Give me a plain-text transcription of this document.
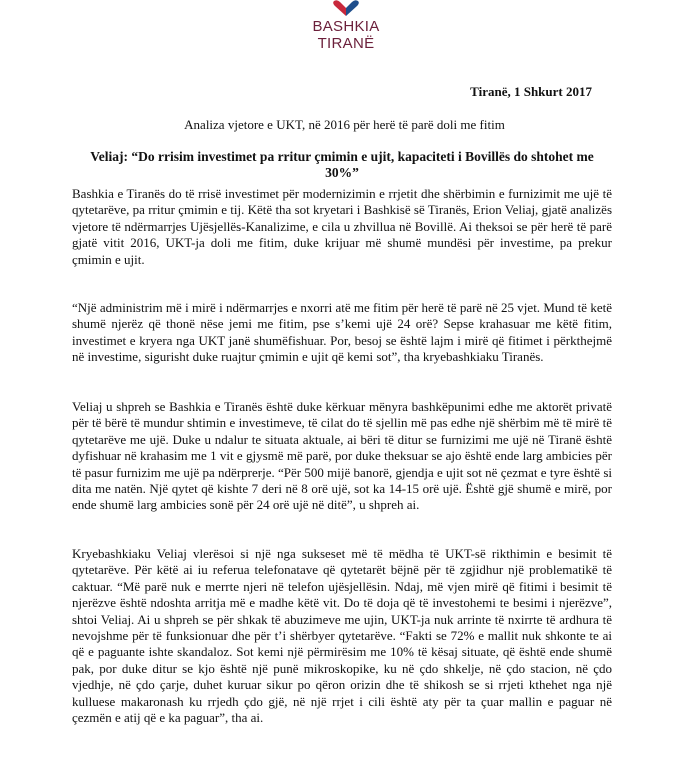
BASHKIA
TIRANË
Tiranë, 1 Shkurt 2017
Analiza vjetore e UKT, në 2016 për herë të parë doli me fitim
Veliaj: “Do rrisim investimet pa rritur çmimin e ujit, kapaciteti i Bovillës do shtohet me 30%”

Bashkia e Tiranës do të rrisë investimet për modernizimin e rrjetit dhe shërbimin e furnizimit me ujë të qytetarëve, pa rritur çmimin e tij. Këtë tha sot kryetari i Bashkisë së Tiranës, Erion Veliaj, gjatë analizës vjetore të ndërmarrjes Ujësjellës-Kanalizime, e cila u zhvillua në Bovillë. Ai theksoi se për herë të parë gjatë vitit 2016, UKT-ja doli me fitim, duke krijuar më shumë mundësi për investime, pa prekur çmimin e ujit.

“Një administrim më i mirë i ndërmarrjes e nxorri atë me fitim për herë të parë në 25 vjet. Mund të ketë shumë njerëz që thonë nëse jemi me fitim, pse s’kemi ujë 24 orë? Sepse krahasuar me këtë fitim, investimet e kryera nga UKT janë shumëfishuar. Por, besoj se është lajm i mirë që fitimet i përkthejmë në investime, sigurisht duke ruajtur çmimin e ujit që kemi sot”, tha kryebashkiaku Tiranës.

Veliaj u shpreh se Bashkia e Tiranës është duke kërkuar mënyra bashkëpunimi edhe me aktorët privatë për të bërë të mundur shtimin e investimeve, të cilat do të sjellin më pas edhe një shërbim më të mirë të qytetarëve me ujë. Duke u ndalur te situata aktuale, ai bëri të ditur se furnizimi me ujë në Tiranë është dyfishuar në krahasim me 1 vit e gjysmë më parë, por duke theksuar se ajo është ende larg ambicies për të pasur furnizim me ujë pa ndërprerje. “Për 500 mijë banorë, gjendja e ujit sot në çezmat e tyre është si dita me natën. Një qytet që kishte 7 deri në 8 orë ujë, sot ka 14-15 orë ujë. Është gjë shumë e mirë, por ende shumë larg ambicies sonë për 24 orë ujë në ditë”, u shpreh ai.

Kryebashkiaku Veliaj vlerësoi si një nga sukseset më të mëdha të UKT-së rikthimin e besimit të qytetarëve. Për këtë ai iu referua telefonatave që qytetarët bëjnë për të zgjidhur një problematikë të caktuar. “Më parë nuk e merrte njeri në telefon ujësjellësin. Ndaj, më vjen mirë që fitimi i besimit të njerëzve është ndoshta arritja më e madhe këtë vit. Do të doja që të investohemi te besimi i njerëzve”, shtoi Veliaj. Ai u shpreh se për shkak të abuzimeve me ujin, UKT-ja nuk arrinte të nxirrte të ardhura të nevojshme për të funksionuar dhe për t’i shërbyer qytetarëve. “Fakti se 72% e mallit nuk shkonte te ai që e paguante ishte skandaloz. Sot kemi një përmirësim me 10% të kësaj situate, që është ende shumë pak, por duke ditur se kjo është një punë mikroskopike, ku në çdo shkelje, në çdo stacion, në çdo vjedhje, në çdo çarje, duhet kuruar sikur po qëron orizin dhe të shikosh se si rrjeti kthehet nga një kulluese makaronash ku rrjedh çdo gjë, në një rrjet i cili është aty për ta çuar mallin e paguar në çezmën e atij që e ka paguar”, tha ai.
